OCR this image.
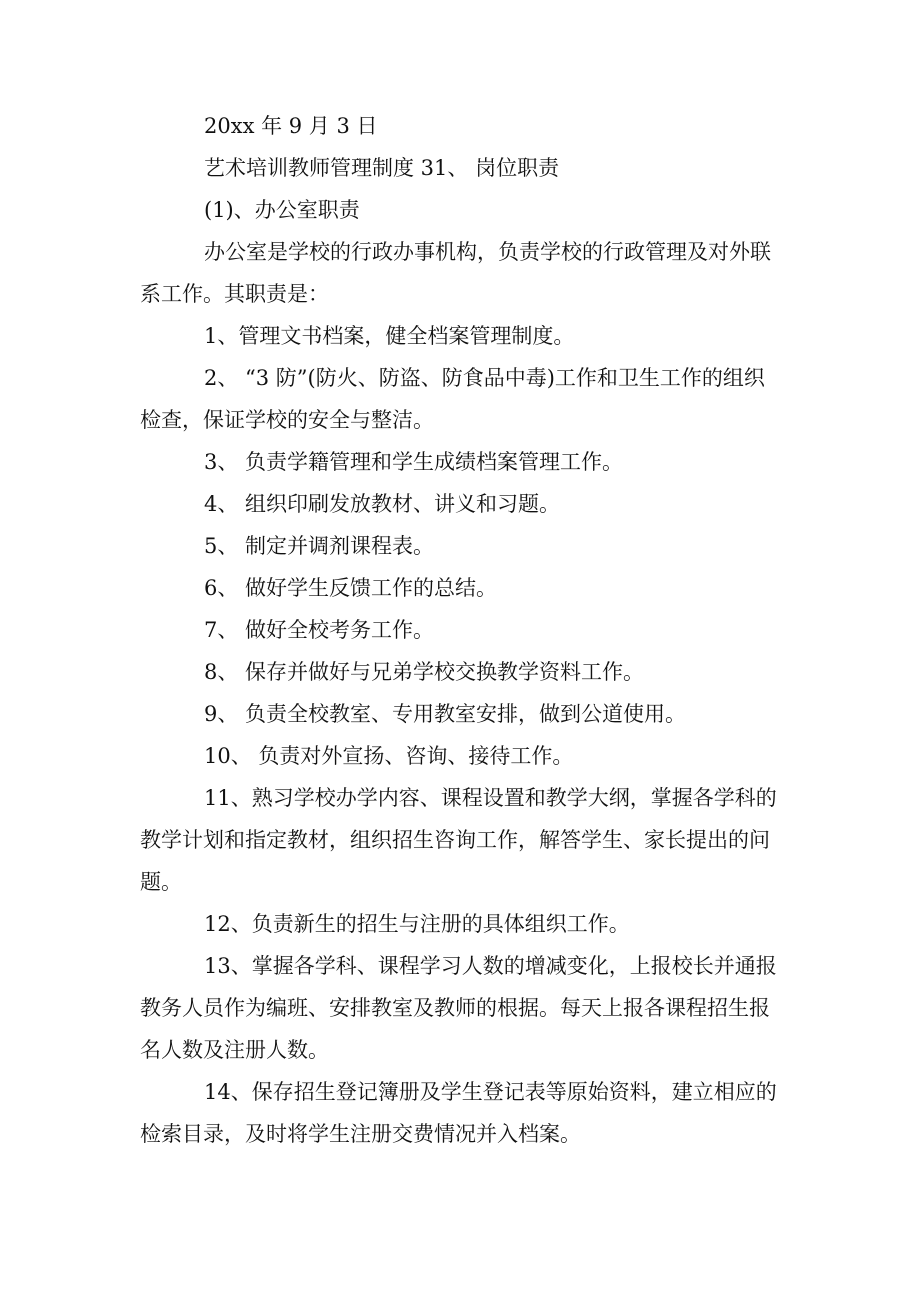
20xx 年 9 月 3 日

艺术培训教师管理制度 31、 岗位职责

(1)、办公室职责

办公室是学校的行政办事机构，负责学校的行政管理及对外联系工作。其职责是：

1、管理文书档案，健全档案管理制度。

2、 “3 防”(防火、防盗、防食品中毒)工作和卫生工作的组织检查，保证学校的安全与整洁。

3、 负责学籍管理和学生成绩档案管理工作。

4、 组织印刷发放教材、讲义和习题。

5、 制定并调剂课程表。

6、 做好学生反馈工作的总结。

7、 做好全校考务工作。

8、 保存并做好与兄弟学校交换教学资料工作。

9、 负责全校教室、专用教室安排，做到公道使用。

10、 负责对外宣扬、咨询、接待工作。

11、熟习学校办学内容、课程设置和教学大纲，掌握各学科的教学计划和指定教材，组织招生咨询工作，解答学生、家长提出的问题。

12、负责新生的招生与注册的具体组织工作。

13、掌握各学科、课程学习人数的增减变化，上报校长并通报教务人员作为编班、安排教室及教师的根据。每天上报各课程招生报名人数及注册人数。

14、保存招生登记簿册及学生登记表等原始资料，建立相应的检索目录，及时将学生注册交费情况并入档案。
